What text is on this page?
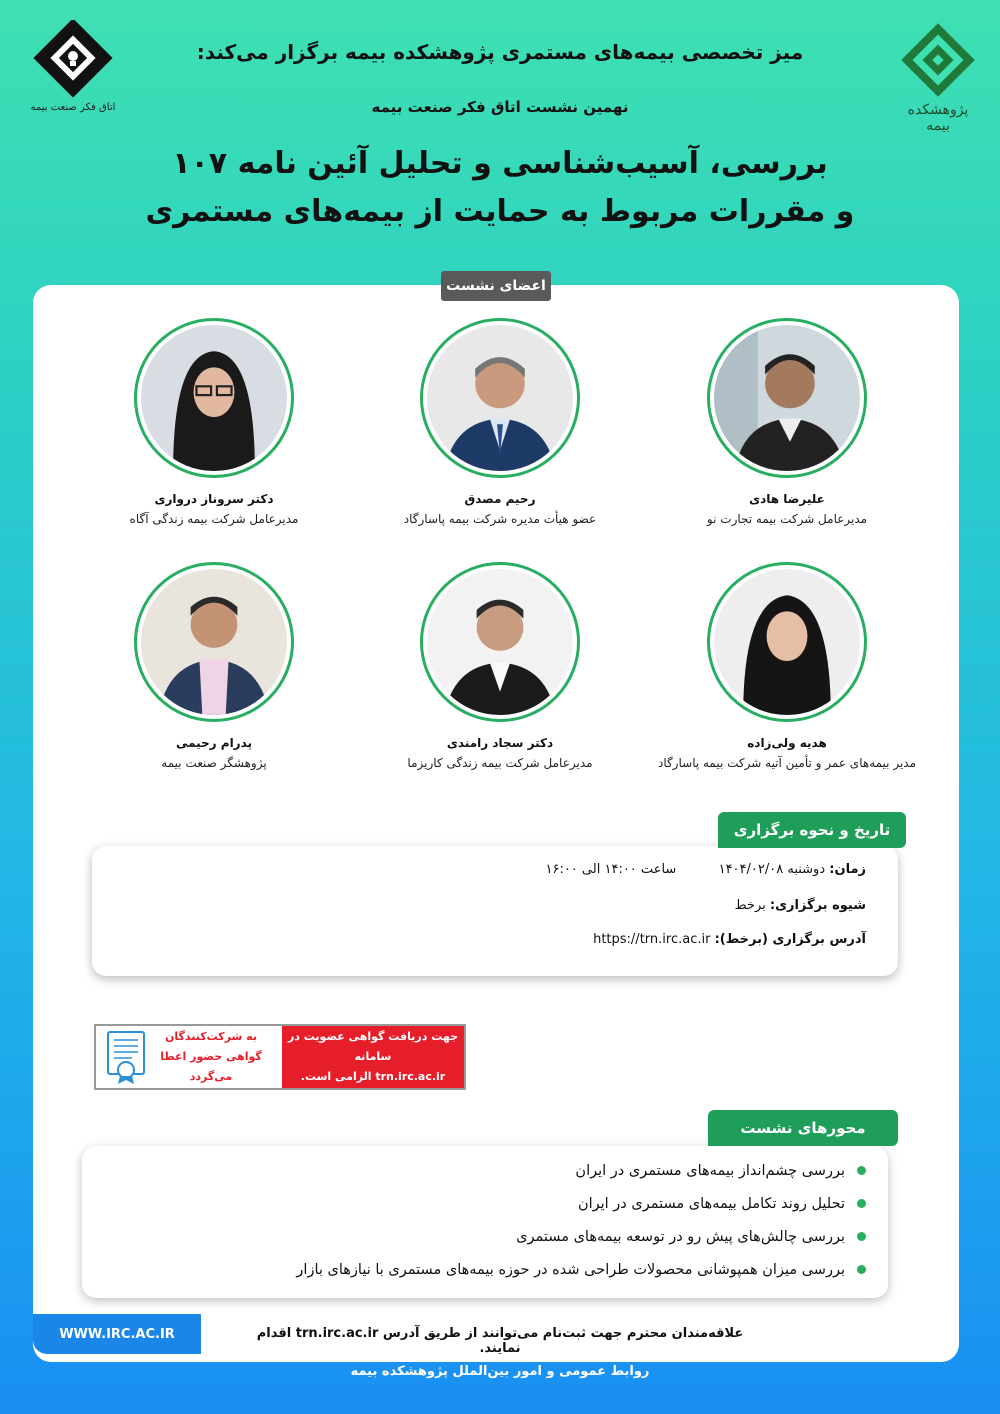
اتاق فکر صنعت بیمه	پژوهشکده بیمه
میز تخصصی بیمه‌های مستمری پژوهشکده بیمه برگزار می‌کند:
نهمین نشست اتاق فکر صنعت بیمه
بررسی، آسیب‌شناسی و تحلیل آئین نامه ۱۰۷
و مقررات مربوط به حمایت از بیمه‌های مستمری
اعضای نشست
علیرضا هادی
مدیرعامل شرکت بیمه تجارت نو
رحیم مصدق
عضو هیأت مدیره شرکت بیمه پاسارگاد
دکتر سروناز درواری
مدیرعامل شرکت بیمه زندگی آگاه
هدیه ولی‌زاده
مدیر بیمه‌های عمر و تأمین آتیه شرکت بیمه پاسارگاد
دکتر سجاد رامندی
مدیرعامل شرکت بیمه زندگی کاریزما
پدرام رحیمی
پژوهشگر صنعت بیمه
زمان: دوشنبه ۱۴۰۴/۰۲/۰۸  ساعت ۱۴:۰۰ الی ۱۶:۰۰
شیوه برگزاری: برخط
آدرس برگزاری (برخط): https://trn.irc.ac.ir
تاریخ و نحوه برگزاری
به شرکت‌کنندگان
گواهی حضور اعطا می‌گردد
جهت دریافت گواهی عضویت در سامانه
trn.irc.ac.ir الزامی است.
بررسی چشم‌انداز بیمه‌های مستمری در ایران
تحلیل روند تکامل بیمه‌های مستمری در ایران
بررسی چالش‌های پیش رو در توسعه بیمه‌های مستمری
بررسی میزان همپوشانی محصولات طراحی شده در حوزه بیمه‌های مستمری با نیازهای بازار
محورهای نشست
علاقه‌مندان محترم جهت ثبت‌نام می‌توانند از طریق آدرس trn.irc.ac.ir اقدام نمایند.
WWW.IRC.AC.IR
روابط عمومی و امور بین‌الملل پژوهشکده بیمه
